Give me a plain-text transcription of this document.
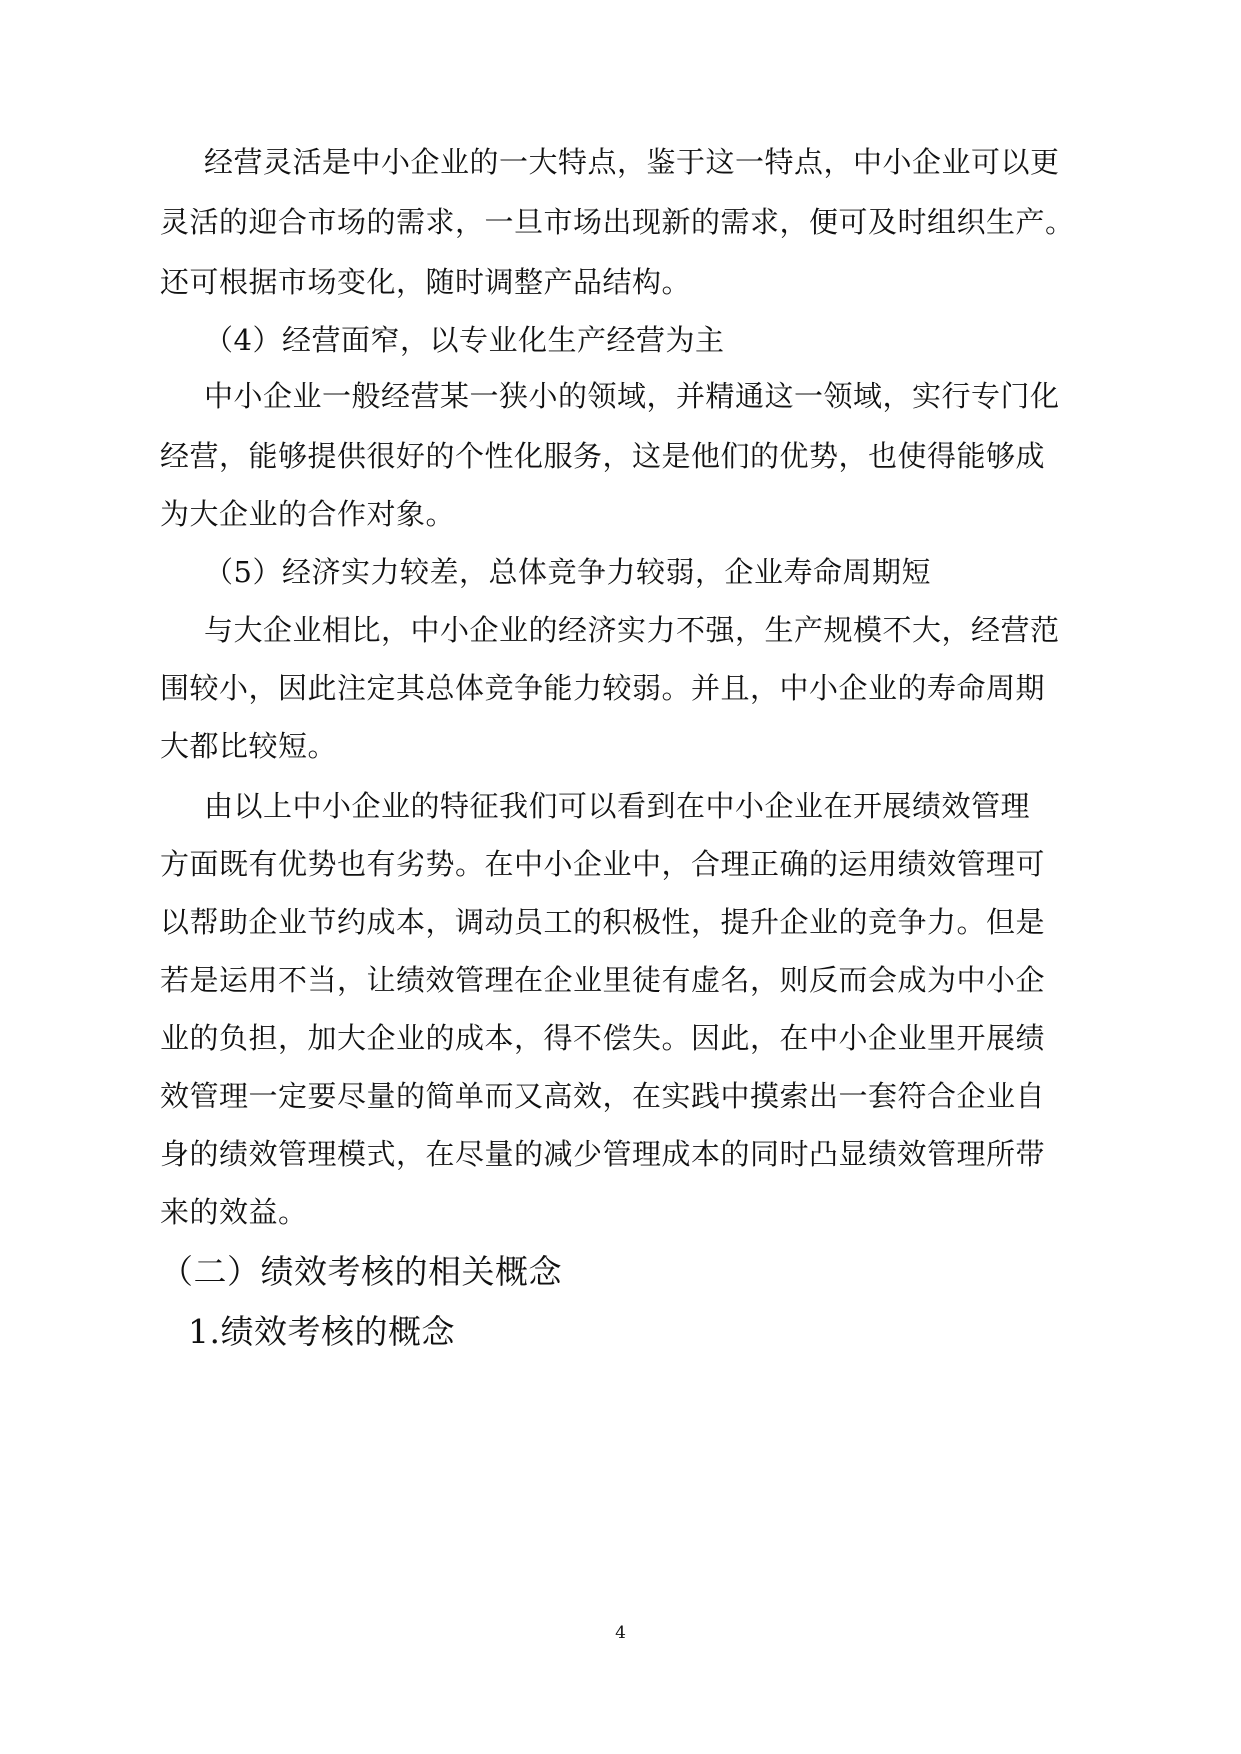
经营灵活是中小企业的一大特点，鉴于这一特点，中小企业可以更
灵活的迎合市场的需求，一旦市场出现新的需求，便可及时组织生产。
还可根据市场变化，随时调整产品结构。
（4）经营面窄，以专业化生产经营为主
中小企业一般经营某一狭小的领域，并精通这一领域，实行专门化
经营，能够提供很好的个性化服务，这是他们的优势，也使得能够成
为大企业的合作对象。
（5）经济实力较差，总体竞争力较弱，企业寿命周期短
与大企业相比，中小企业的经济实力不强，生产规模不大，经营范
围较小，因此注定其总体竞争能力较弱。并且，中小企业的寿命周期
大都比较短。
由以上中小企业的特征我们可以看到在中小企业在开展绩效管理
方面既有优势也有劣势。在中小企业中，合理正确的运用绩效管理可
以帮助企业节约成本，调动员工的积极性，提升企业的竞争力。但是
若是运用不当，让绩效管理在企业里徒有虚名，则反而会成为中小企
业的负担，加大企业的成本，得不偿失。因此，在中小企业里开展绩
效管理一定要尽量的简单而又高效，在实践中摸索出一套符合企业自
身的绩效管理模式，在尽量的减少管理成本的同时凸显绩效管理所带
来的效益。
（二）绩效考核的相关概念
1.绩效考核的概念
4
